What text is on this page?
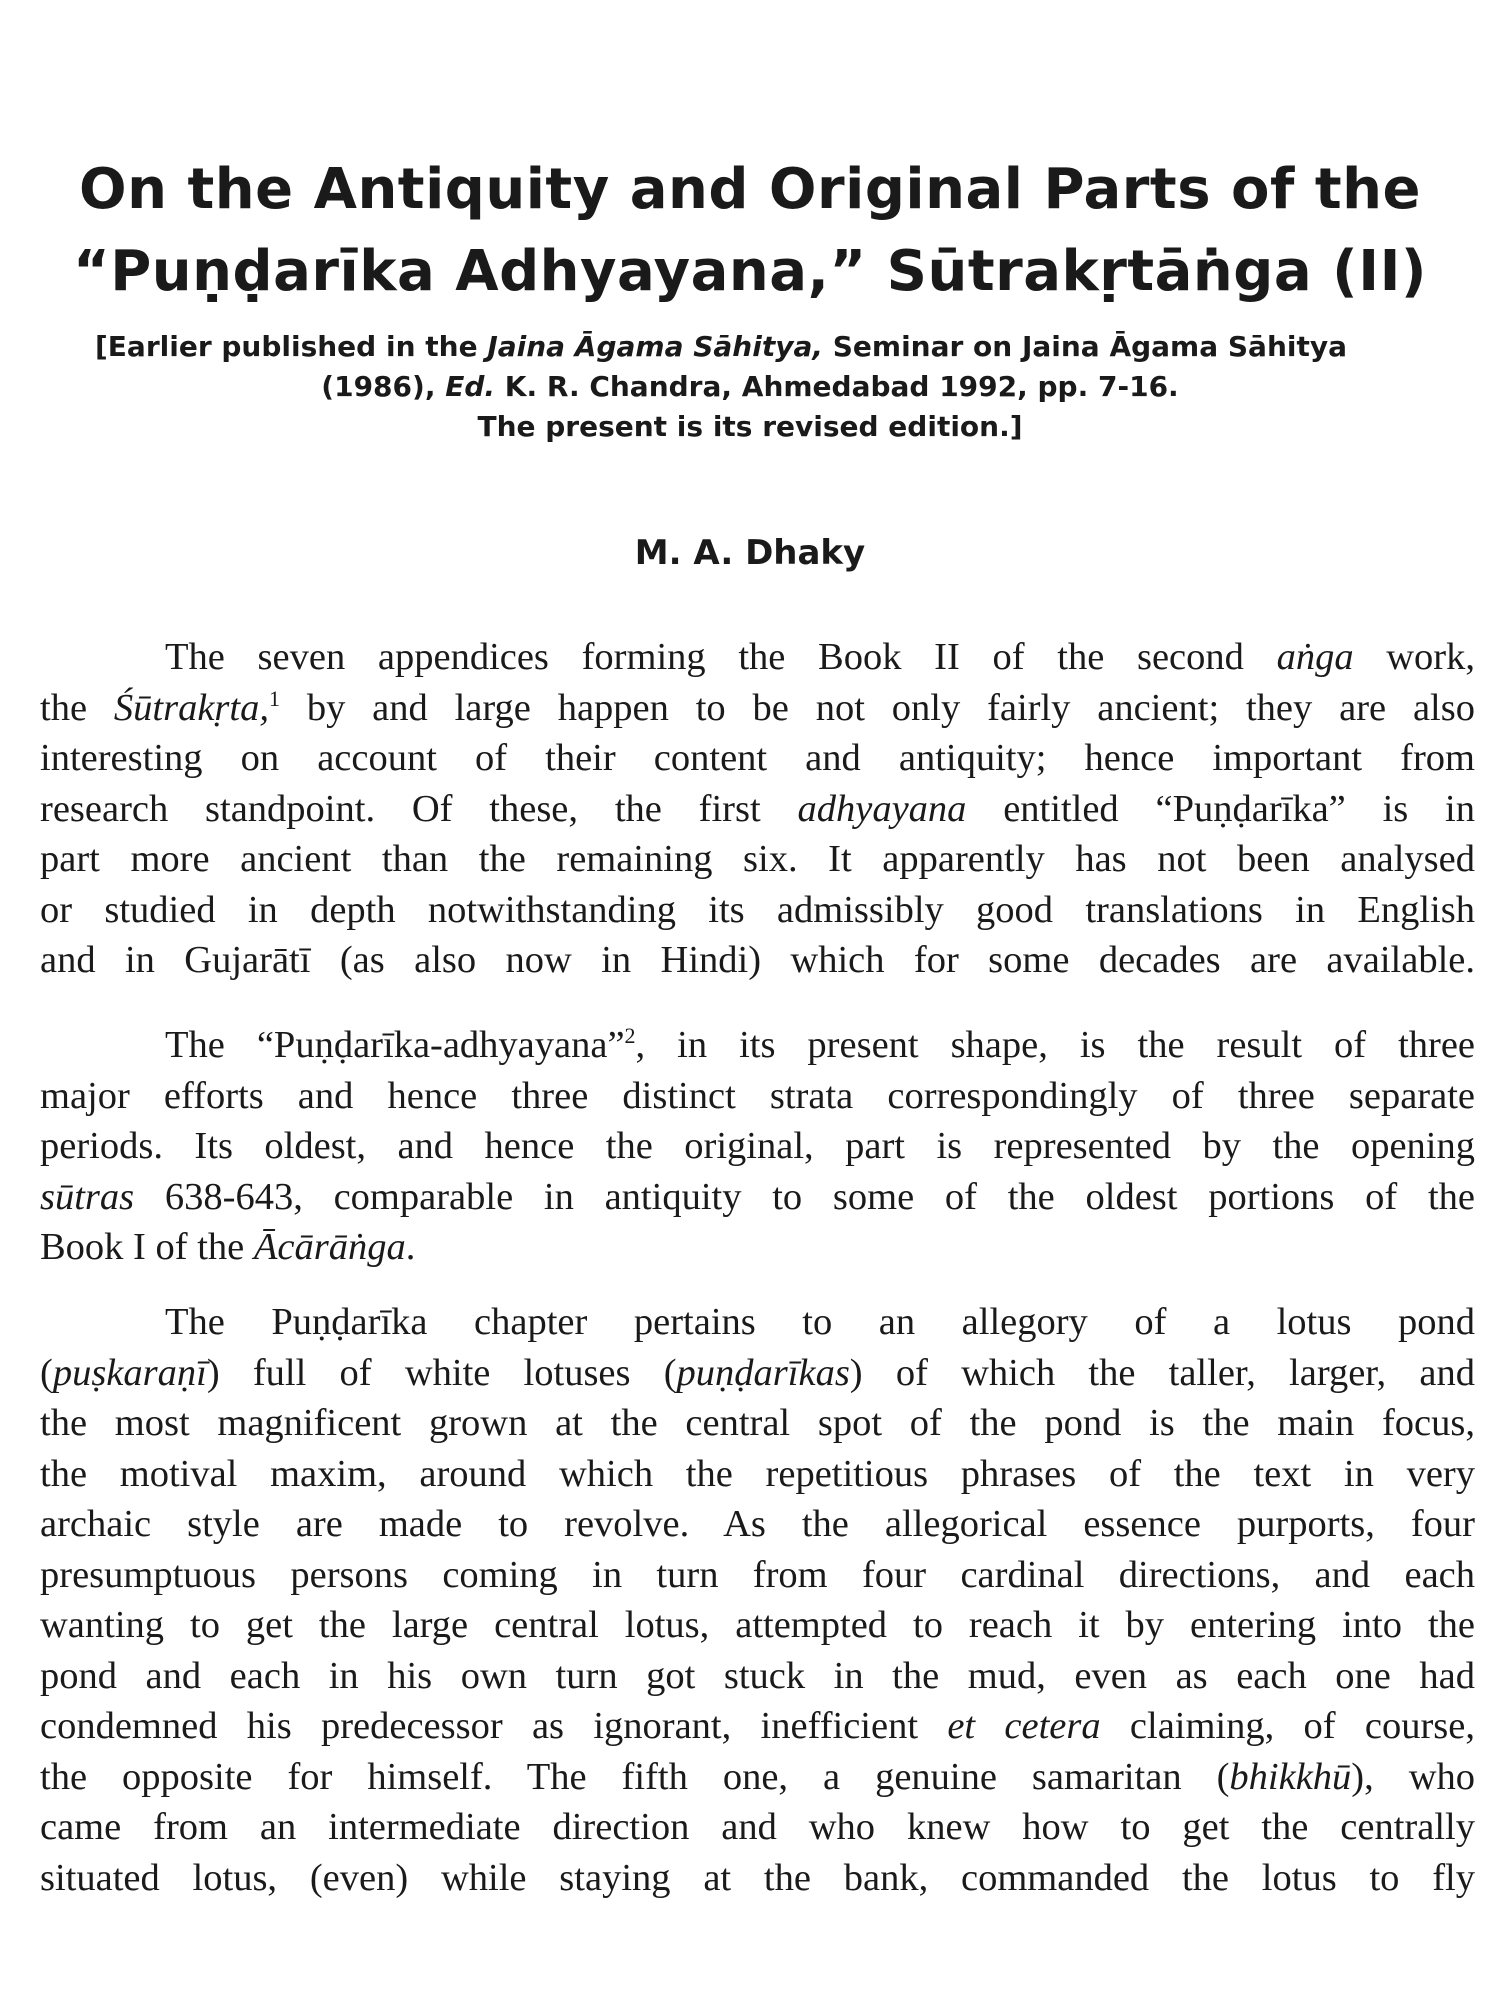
On the Antiquity and Original Parts of the
“Puṇḍarīka Adhyayana,” Sūtrakṛtāṅga (II)
[Earlier published in the Jaina Āgama Sāhitya, Seminar on Jaina Āgama Sāhitya
(1986), Ed. K. R. Chandra, Ahmedabad 1992, pp. 7-16.
The present is its revised edition.]
M. A. Dhaky
The seven appendices forming the Book II of the second aṅga work,
the Śūtrakṛta,$^1$ by and large happen to be not only fairly ancient; they are also
interesting on account of their content and antiquity; hence important from
research standpoint. Of these, the first adhyayana entitled “Puṇḍarīka” is in
part more ancient than the remaining six. It apparently has not been analysed
or studied in depth notwithstanding its admissibly good translations in English
and in Gujarātī (as also now in Hindi) which for some decades are available.
The “Puṇḍarīka-adhyayana”$^2$, in its present shape, is the result of three
major efforts and hence three distinct strata correspondingly of three separate
periods. Its oldest, and hence the original, part is represented by the opening
sūtras 638-643, comparable in antiquity to some of the oldest portions of the
Book I of the Ācārāṅga.
The Puṇḍarīka chapter pertains to an allegory of a lotus pond
(puṣkaraṇī) full of white lotuses (puṇḍarīkas) of which the taller, larger, and
the most magnificent grown at the central spot of the pond is the main focus,
the motival maxim, around which the repetitious phrases of the text in very
archaic style are made to revolve. As the allegorical essence purports, four
presumptuous persons coming in turn from four cardinal directions, and each
wanting to get the large central lotus, attempted to reach it by entering into the
pond and each in his own turn got stuck in the mud, even as each one had
condemned his predecessor as ignorant, inefficient et cetera claiming, of course,
the opposite for himself. The fifth one, a genuine samaritan (bhikkhū), who
came from an intermediate direction and who knew how to get the centrally
situated lotus, (even) while staying at the bank, commanded the lotus to fly
